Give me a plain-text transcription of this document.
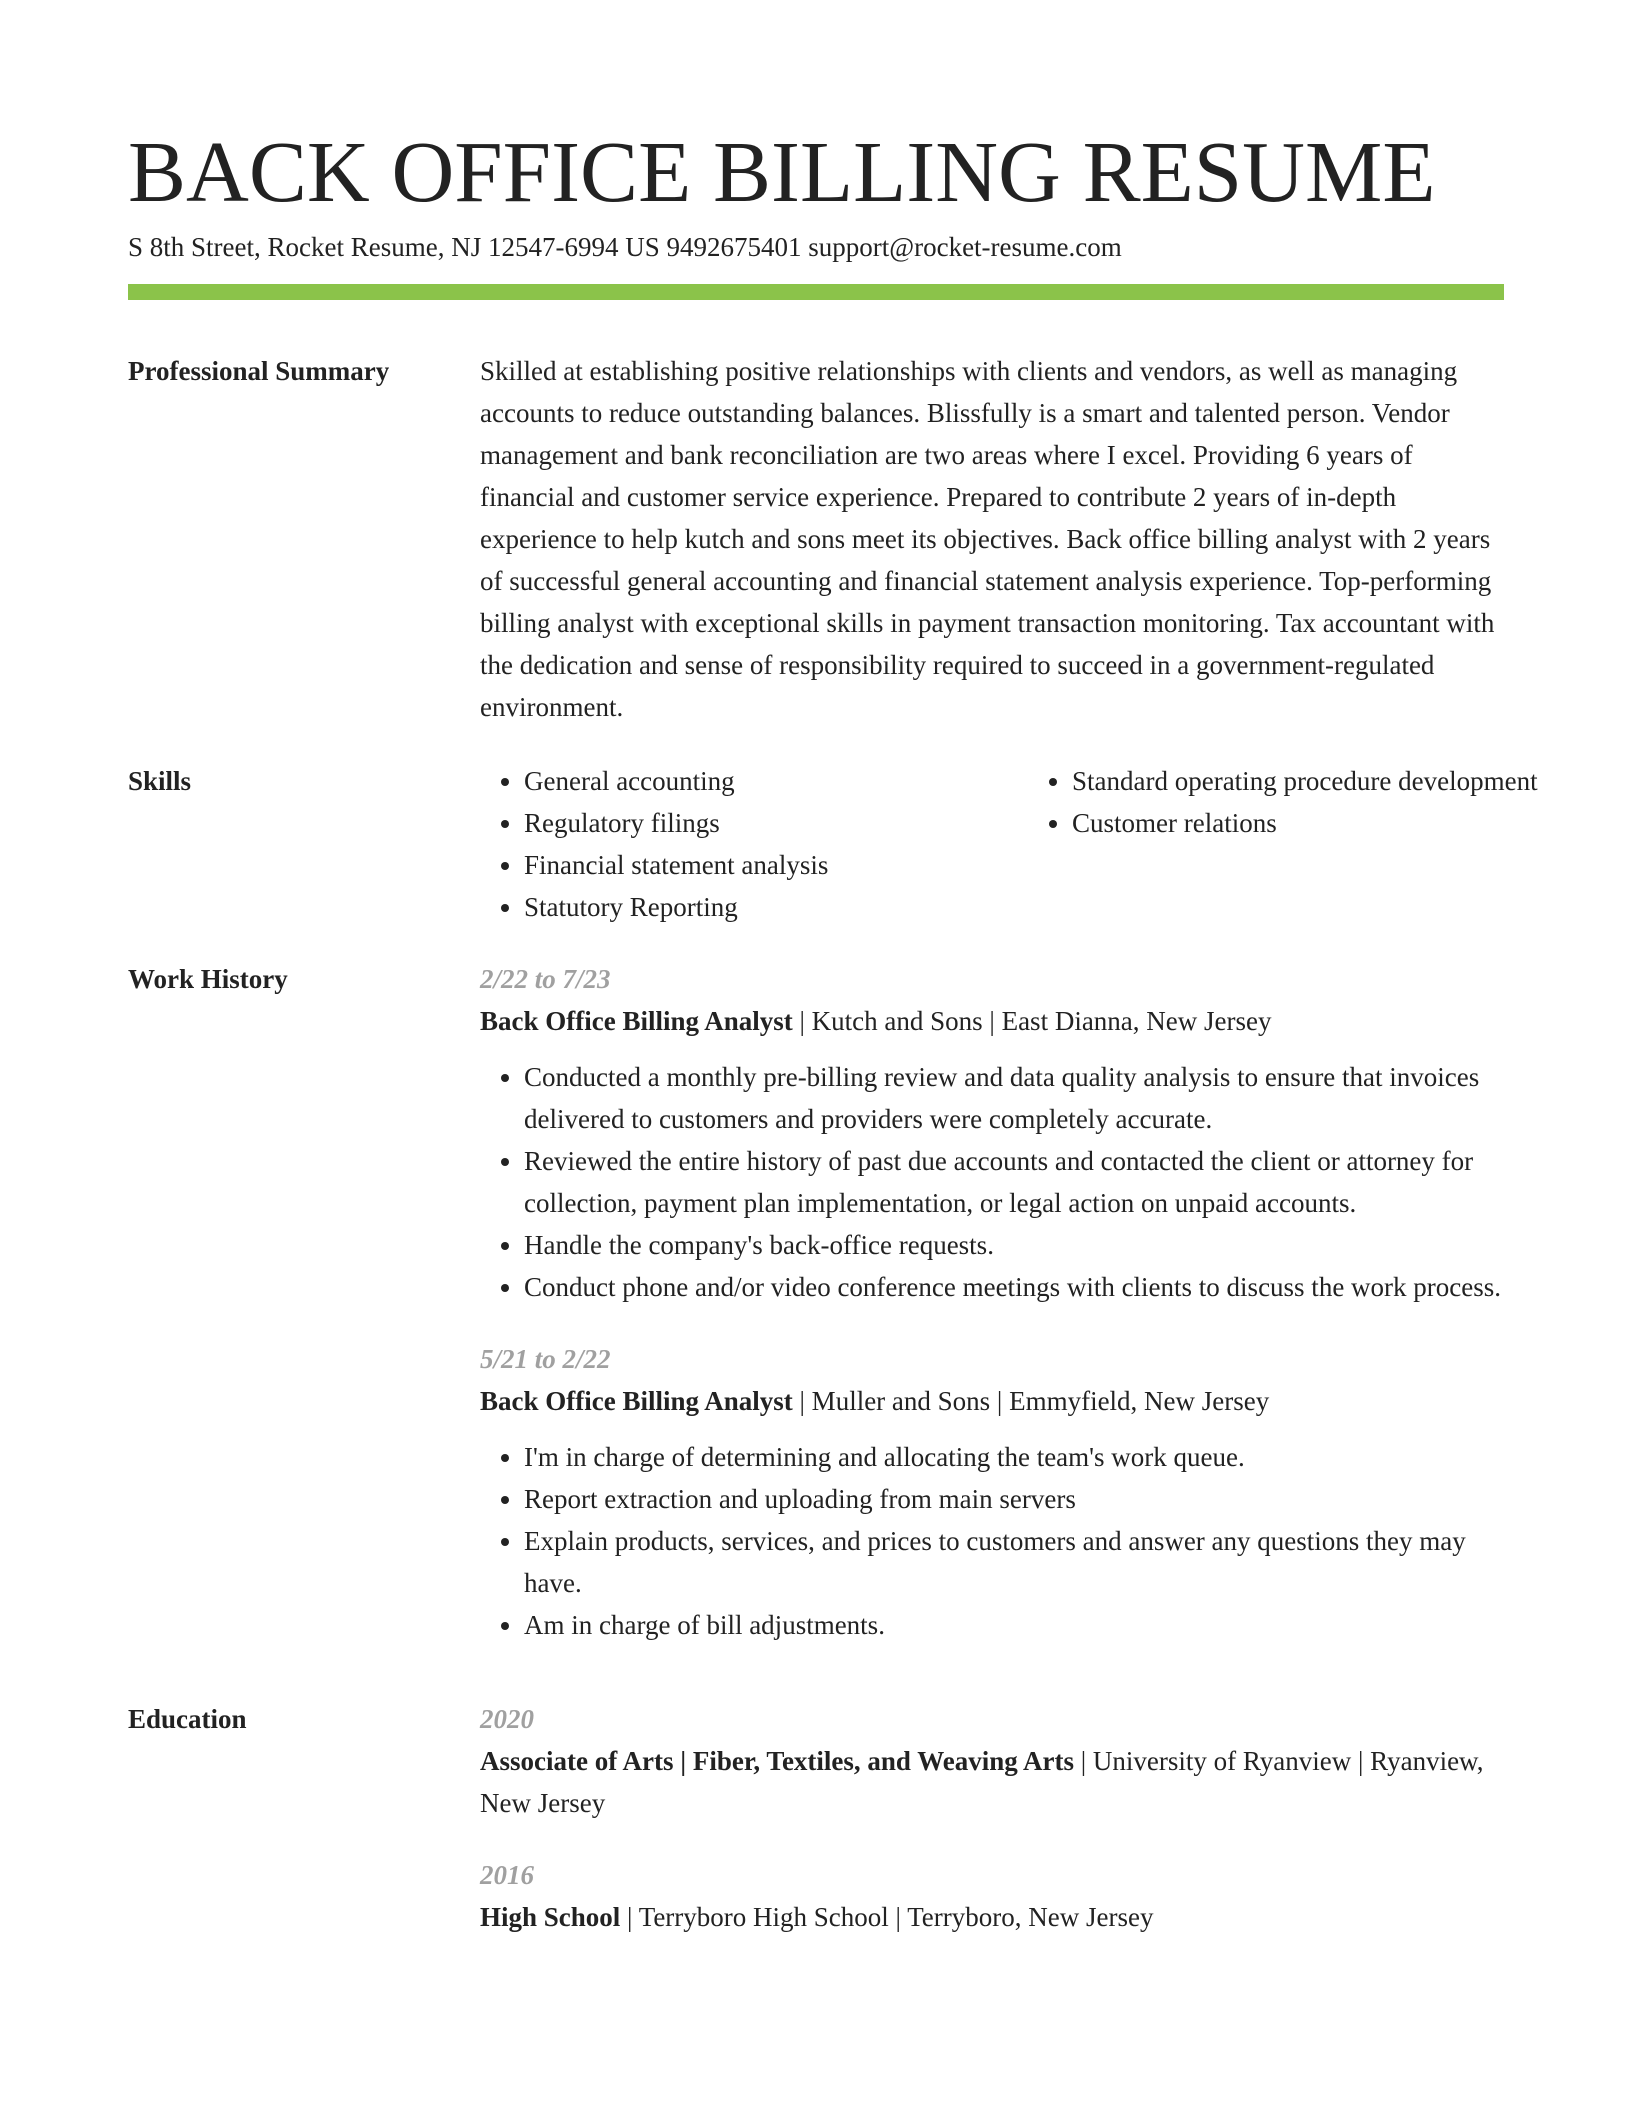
BACK OFFICE BILLING RESUME
S 8th Street, Rocket Resume, NJ 12547-6994 US 9492675401 support@rocket-resume.com
Professional Summary	Skilled at establishing positive relationships with clients and vendors, as well as managing accounts to reduce outstanding balances. Blissfully is a smart and talented person. Vendor management and bank reconciliation are two areas where I excel. Providing 6 years of financial and customer service experience. Prepared to contribute 2 years of in-depth experience to help kutch and sons meet its objectives. Back office billing analyst with 2 years of successful general accounting and financial statement analysis experience. Top-performing billing analyst with exceptional skills in payment transaction monitoring. Tax accountant with the dedication and sense of responsibility required to succeed in a government-regulated environment.
Skills
•	General accounting
• Regulatory filings
• Financial statement analysis
• Statutory Reporting
• Standard operating procedure development
• Customer relations
Work History	2/22 to 7/23
Back Office Billing Analyst | Kutch and Sons | East Dianna, New Jersey
• Conducted a monthly pre-billing review and data quality analysis to ensure that invoices delivered to customers and providers were completely accurate.
• Reviewed the entire history of past due accounts and contacted the client or attorney for collection, payment plan implementation, or legal action on unpaid accounts.
• Handle the company's back-office requests.
• Conduct phone and/or video conference meetings with clients to discuss the work process.
5/21 to 2/22
Back Office Billing Analyst | Muller and Sons | Emmyfield, New Jersey
• I'm in charge of determining and allocating the team's work queue.
• Report extraction and uploading from main servers
• Explain products, services, and prices to customers and answer any questions they may have.
• Am in charge of bill adjustments.
Education	2020
Associate of Arts | Fiber, Textiles, and Weaving Arts | University of Ryanview | Ryanview, New Jersey
2016
High School | Terryboro High School | Terryboro, New Jersey
